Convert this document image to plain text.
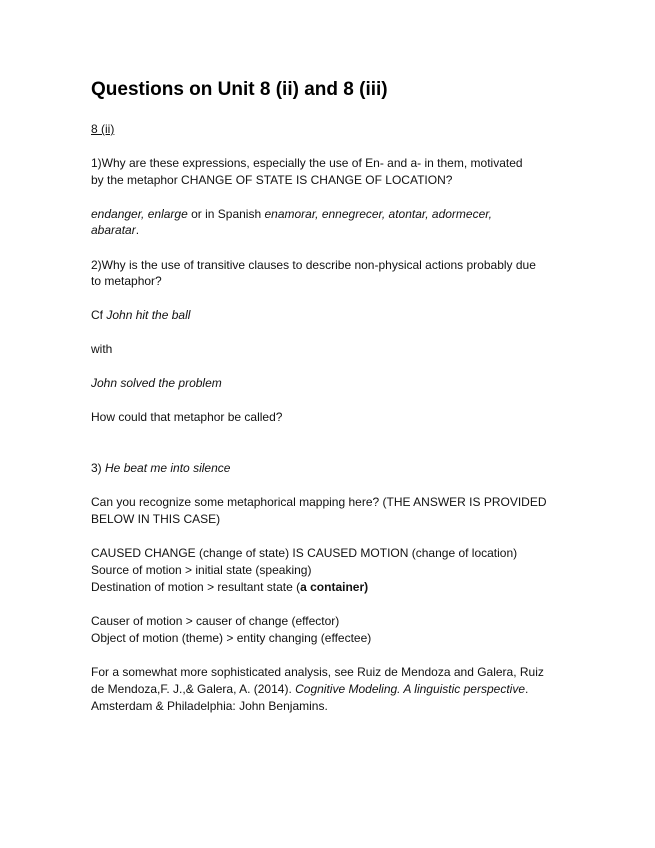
Questions on Unit 8 (ii) and 8 (iii)

8 (ii)

1)Why are these expressions, especially the use of En- and a- in them, motivated

by the metaphor CHANGE OF STATE IS CHANGE OF LOCATION?

endanger, enlarge or in Spanish enamorar, ennegrecer, atontar, adormecer,

abaratar.

2)Why is the use of transitive clauses to describe non-physical actions probably due

to metaphor?

Cf John hit the ball

with

John solved the problem

How could that metaphor be called?

3) He beat me into silence

Can you recognize some metaphorical mapping here? (THE ANSWER IS PROVIDED

BELOW IN THIS CASE)

CAUSED CHANGE (change of state) IS CAUSED MOTION (change of location)

Source of motion > initial state (speaking)

Destination of motion > resultant state (a container)

Causer of motion > causer of change (effector)

Object of motion (theme) > entity changing (effectee)

For a somewhat more sophisticated analysis, see Ruiz de Mendoza and Galera, Ruiz

de Mendoza,F. J.,& Galera, A. (2014). Cognitive Modeling. A linguistic perspective.

Amsterdam & Philadelphia: John Benjamins.
